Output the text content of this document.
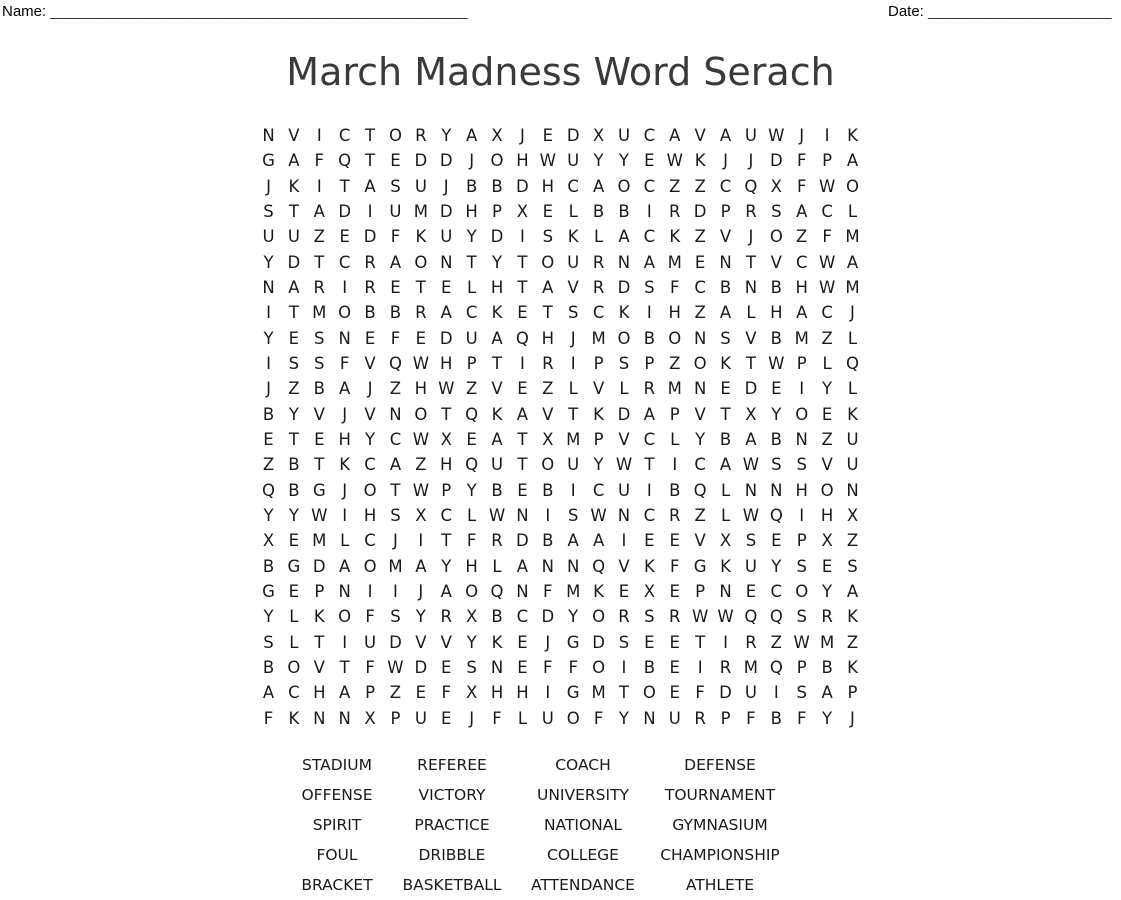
Name: __________________________________________________	Date: ______________________
March Madness Word Serach
N V	I	C T O R Y A X	J	E D X U C A V A U W J	I	K
G A F Q T E D D	J O H W U Y Y E W K	J	J	D F P A
J	K	I	T A S U	J	B B D H C A O C Z Z C Q X F W O
S T A D	I	U M D H P X E L B B	I	R D P R S A C L
U U Z E D F K U Y D	I	S K L A C K Z V	J O Z F M
Y D T C R A O N T Y T O U R N A M E N T V C W A
N A R	I	R E T E L H T A V R D S F C B N B H W M
I	T M O B B R A C K E T S C K	I	H Z A L H A C	J
Y E S N E F E D U A Q H	J M O B O N S V B M Z L
I	S S F V Q W H P T	I	R	I	P S P Z O K T W P L Q
J	Z B A	J	Z H W Z V E Z L V L R M N E D E	I	Y L
B Y V	J	V N O T Q K A V T K D A P V T X Y O E K
E T E H Y C W X E A T X M P V C L Y B A B N Z U
Z B T K C A Z H Q U T O U Y W T	I	C A W S S V U
Q B G	J O T W P Y B E B	I	C U	I	B Q L N N H O N
Y Y W I	H S X C L W N	I	S W N C R Z L W Q I	H X
X E M L C	J	I	T F R D B A A	I	E E V X S E P X Z
B G D A O M A Y H L A N N Q V K F G K U Y S E S
G E P N	I	I	J	A O Q N F M K E X E P N E C O Y A
Y L K O F S Y R X B C D Y O R S R W W Q Q S R K
S L T	I	U D V V Y K E	J	G D S E E T	I	R Z W M Z
B O V T F W D E S N E F F O I	B E	I	R M Q P B K
A C H A P Z E F X H H	I	G M T O E F D U	I	S A P
F K N N X P U E	J	F L U O F Y N U R P F B F Y	J
STADIUM	REFEREE	COACH	DEFENSE
OFFENSE	VICTORY	UNIVERSITY	TOURNAMENT
SPIRIT	PRACTICE	NATIONAL	GYMNASIUM
FOUL	DRIBBLE	COLLEGE	CHAMPIONSHIP
BRACKET	BASKETBALL	ATTENDANCE	ATHLETE
